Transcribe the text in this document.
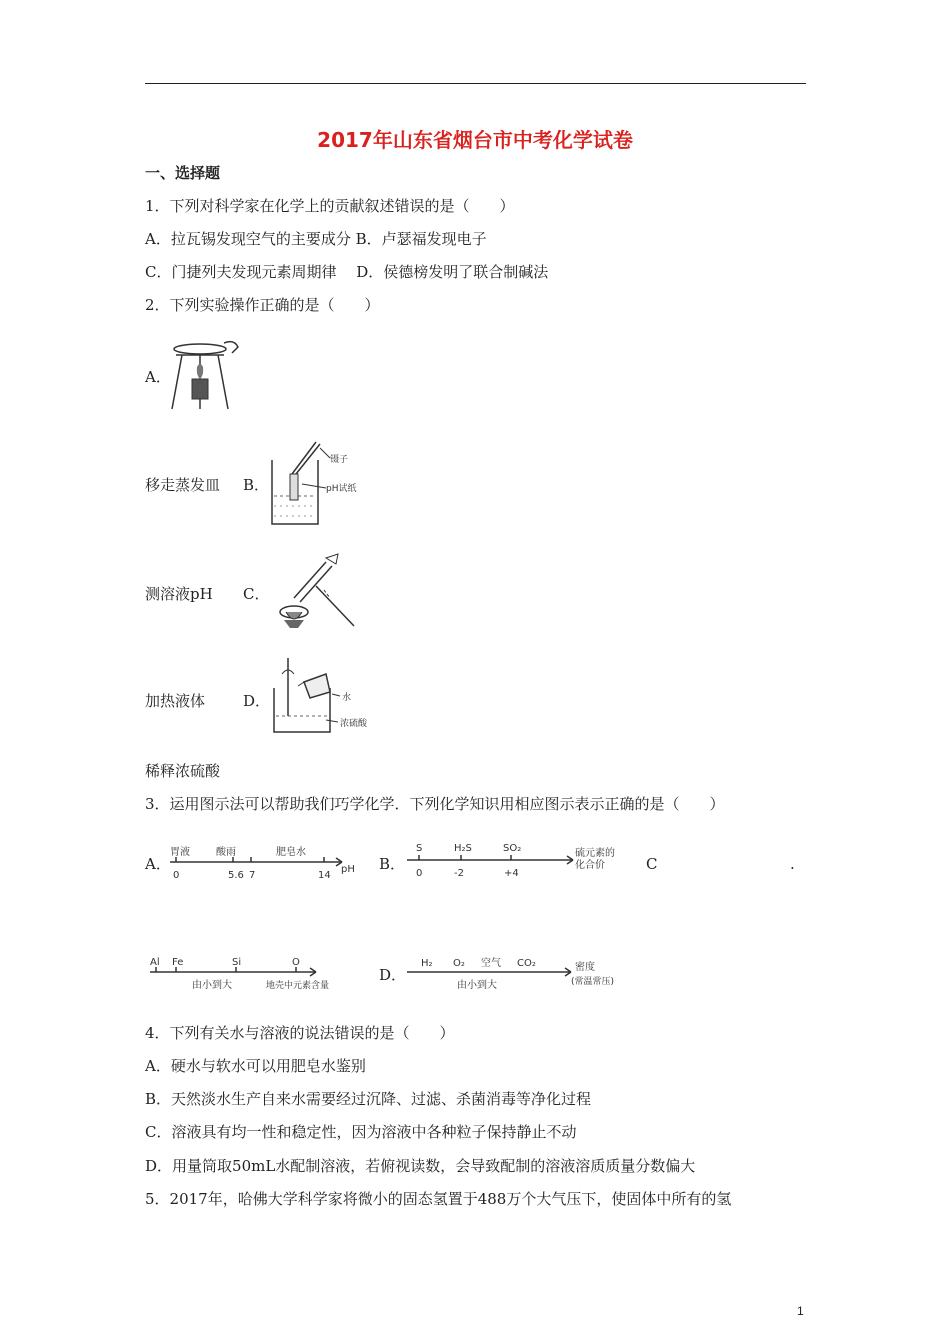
2017年山东省烟台市中考化学试卷
一、选择题
1．下列对科学家在化学上的贡献叙述错误的是（　　）
A．拉瓦锡发现空气的主要成分 B．卢瑟福发现电子
C．门捷列夫发现元素周期律　 D．侯德榜发明了联合制碱法
2．下列实验操作正确的是（　　）
A．
移走蒸发皿 B．
镊子
pH试纸
测溶液pH C．
加热液体	D．	水
浓硫酸
稀释浓硫酸
3．运用图示法可以帮助我们巧学化学．下列化学知识用相应图示表示正确的是（　　）
A．
胃液	酸雨	肥皂水
0	5.6 7	14
pH B．
S	H₂S	SO₂
0	-2	+4
硫元素的
化合价	C	.
Al Fe	Si	O
由小到大	地壳中元素含量
D．
H₂ O₂ 空气 CO₂
由小到大
密度
(常温常压)
4．下列有关水与溶液的说法错误的是（　　）
A．硬水与软水可以用肥皂水鉴别
B．天然淡水生产自来水需要经过沉降、过滤、杀菌消毒等净化过程
C．溶液具有均一性和稳定性，因为溶液中各种粒子保持静止不动
D．用量筒取50mL水配制溶液，若俯视读数，会导致配制的溶液溶质质量分数偏大
5．2017年，哈佛大学科学家将微小的固态氢置于488万个大气压下，使固体中所有的氢
1
